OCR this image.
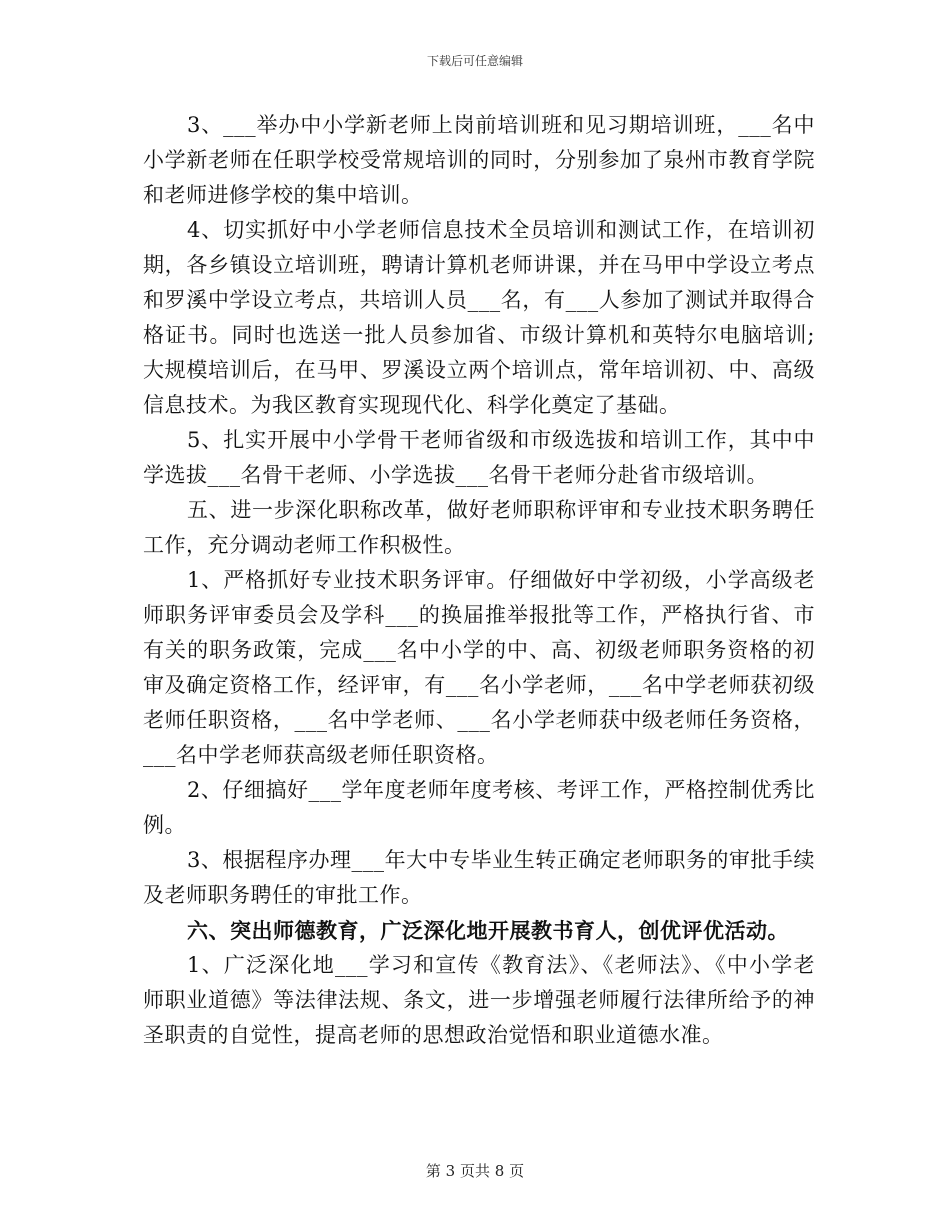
下载后可任意编辑

3、___举办中小学新老师上岗前培训班和见习期培训班，___名中小学新老师在任职学校受常规培训的同时，分别参加了泉州市教育学院和老师进修学校的集中培训。

4、切实抓好中小学老师信息技术全员培训和测试工作，在培训初期，各乡镇设立培训班，聘请计算机老师讲课，并在马甲中学设立考点和罗溪中学设立考点，共培训人员___名，有___人参加了测试并取得合格证书。同时也选送一批人员参加省、市级计算机和英特尔电脑培训;大规模培训后，在马甲、罗溪设立两个培训点，常年培训初、中、高级信息技术。为我区教育实现现代化、科学化奠定了基础。

5、扎实开展中小学骨干老师省级和市级选拔和培训工作，其中中学选拔___名骨干老师、小学选拔___名骨干老师分赴省市级培训。

五、进一步深化职称改革，做好老师职称评审和专业技术职务聘任工作，充分调动老师工作积极性。

1、严格抓好专业技术职务评审。仔细做好中学初级，小学高级老师职务评审委员会及学科___的换届推举报批等工作，严格执行省、市有关的职务政策，完成___名中小学的中、高、初级老师职务资格的初审及确定资格工作，经评审，有___名小学老师，___名中学老师获初级老师任职资格，___名中学老师、___名小学老师获中级老师任务资格，___名中学老师获高级老师任职资格。

2、仔细搞好___学年度老师年度考核、考评工作，严格控制优秀比例。

3、根据程序办理___年大中专毕业生转正确定老师职务的审批手续及老师职务聘任的审批工作。

六、突出师德教育，广泛深化地开展教书育人，创优评优活动。

1、广泛深化地___学习和宣传《教育法》、《老师法》、《中小学老师职业道德》等法律法规、条文，进一步增强老师履行法律所给予的神圣职责的自觉性，提高老师的思想政治觉悟和职业道德水准。

第 3 页共 8 页
